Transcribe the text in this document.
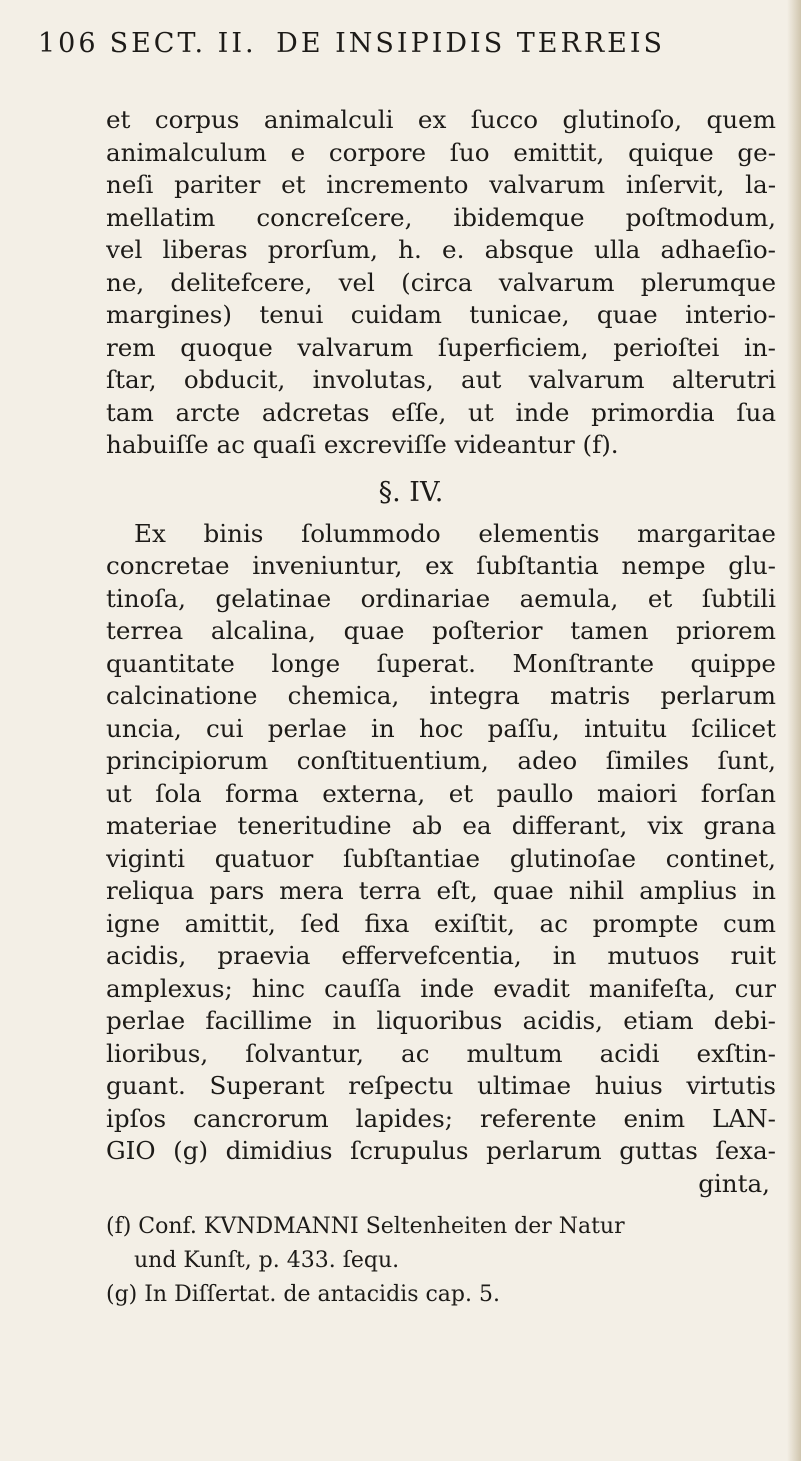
106 SECT. II. DE INSIPIDIS TERREIS
et corpus animalculi ex ſucco glutinoſo, quem
animalculum e corpore ſuo emittit, quique ge-
neſi pariter et incremento valvarum inſervit, la-
mellatim concreſcere, ibidemque poſtmodum,
vel liberas prorſum, h. e. absque ulla adhaeſio-
ne, delitefcere, vel (circa valvarum plerumque
margines) tenui cuidam tunicae, quae interio-
rem quoque valvarum ſuperficiem, perioſtei in-
ſtar, obducit, involutas, aut valvarum alterutri
tam arcte adcretas eſſe, ut inde primordia ſua
habuiſſe ac quaſi excreviſſe videantur (f).
§. IV.
Ex binis ſolummodo elementis margaritae
concretae inveniuntur, ex ſubſtantia nempe glu-
tinoſa, gelatinae ordinariae aemula, et ſubtili
terrea alcalina, quae poſterior tamen priorem
quantitate longe ſuperat. Monſtrante quippe
calcinatione chemica, integra matris perlarum
uncia, cui perlae in hoc paſſu, intuitu ſcilicet
principiorum conſtituentium, adeo ſimiles ſunt,
ut ſola forma externa, et paullo maiori forſan
materiae teneritudine ab ea differant, vix grana
viginti quatuor ſubſtantiae glutinoſae continet,
reliqua pars mera terra eſt, quae nihil amplius in
igne amittit, ſed fixa exiſtit, ac prompte cum
acidis, praevia effervefcentia, in mutuos ruit
amplexus; hinc cauſſa inde evadit manifeſta, cur
perlae facillime in liquoribus acidis, etiam debi-
lioribus, ſolvantur, ac multum acidi exſtin-
guant. Superant reſpectu ultimae huius virtutis
ipſos cancrorum lapides; referente enim LAN-
GIO (g) dimidius ſcrupulus perlarum guttas ſexa-
ginta,
(f) Conf. KVNDMANNI Seltenheiten der Natur
und Kunſt, p. 433. ſequ.
(g) In Diſſertat. de antacidis cap. 5.
